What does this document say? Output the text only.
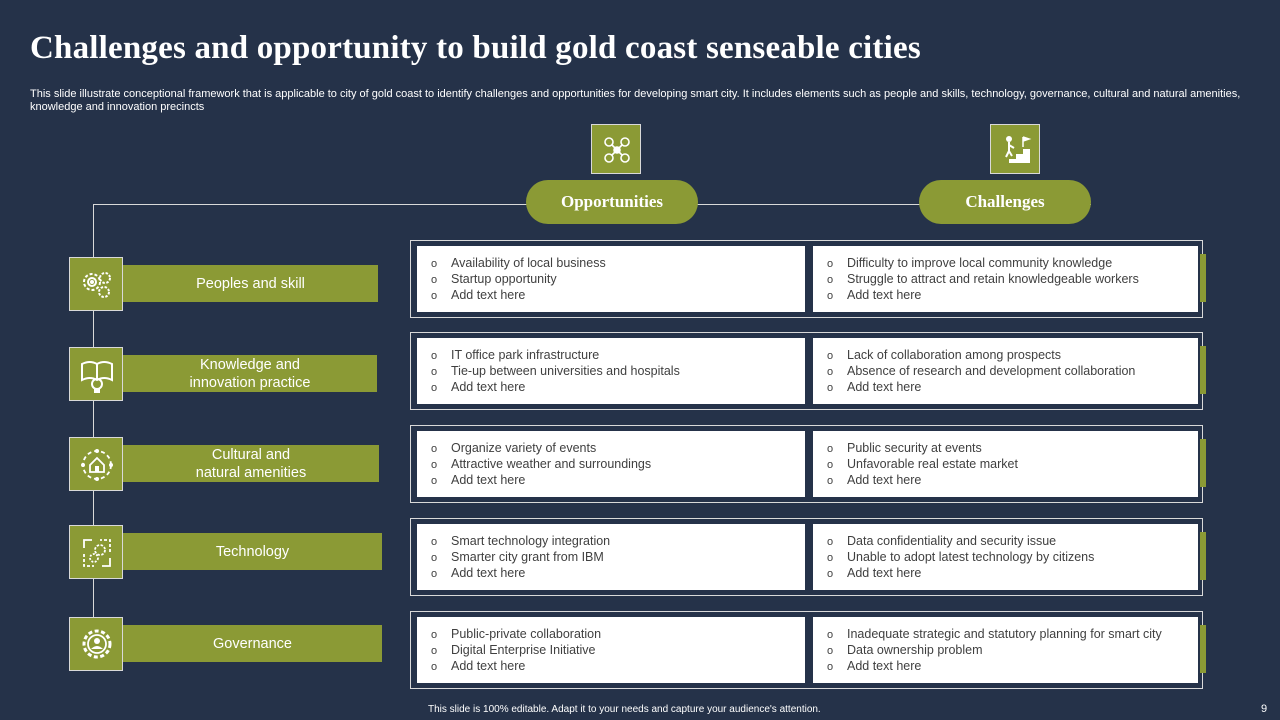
Challenges and opportunity to build gold coast senseable cities
This slide illustrate conceptional framework that is applicable to city of gold coast to identify challenges and opportunities for developing smart city. It includes elements such as people and skills, technology, governance, cultural and natural amenities, knowledge and innovation precincts
Opportunities	Challenges
Peoples and skill
o Availability of local business
o Startup opportunity
o Add text here
o Difficulty to improve local community knowledge
o Struggle to attract and retain knowledgeable workers
o Add text here
Knowledge and
innovation practice
o IT office park infrastructure
o Tie-up between universities and hospitals
o Add text here
o Lack of collaboration among prospects
o Absence of research and development collaboration
o Add text here
Cultural and
natural amenities
o Organize variety of events
o Attractive weather and surroundings
o Add text here
o Public security at events
o Unfavorable real estate market
o Add text here
Technology
o Smart technology integration
o Smarter city grant from IBM
o Add text here
o Data confidentiality and security issue
o Unable to adopt latest technology by citizens
o Add text here
Governance
o Public-private collaboration
o Digital Enterprise Initiative
o Add text here
o Inadequate strategic and statutory planning for smart city
o Data ownership problem
o Add text here
This slide is 100% editable. Adapt it to your needs and capture your audience's attention.	9
